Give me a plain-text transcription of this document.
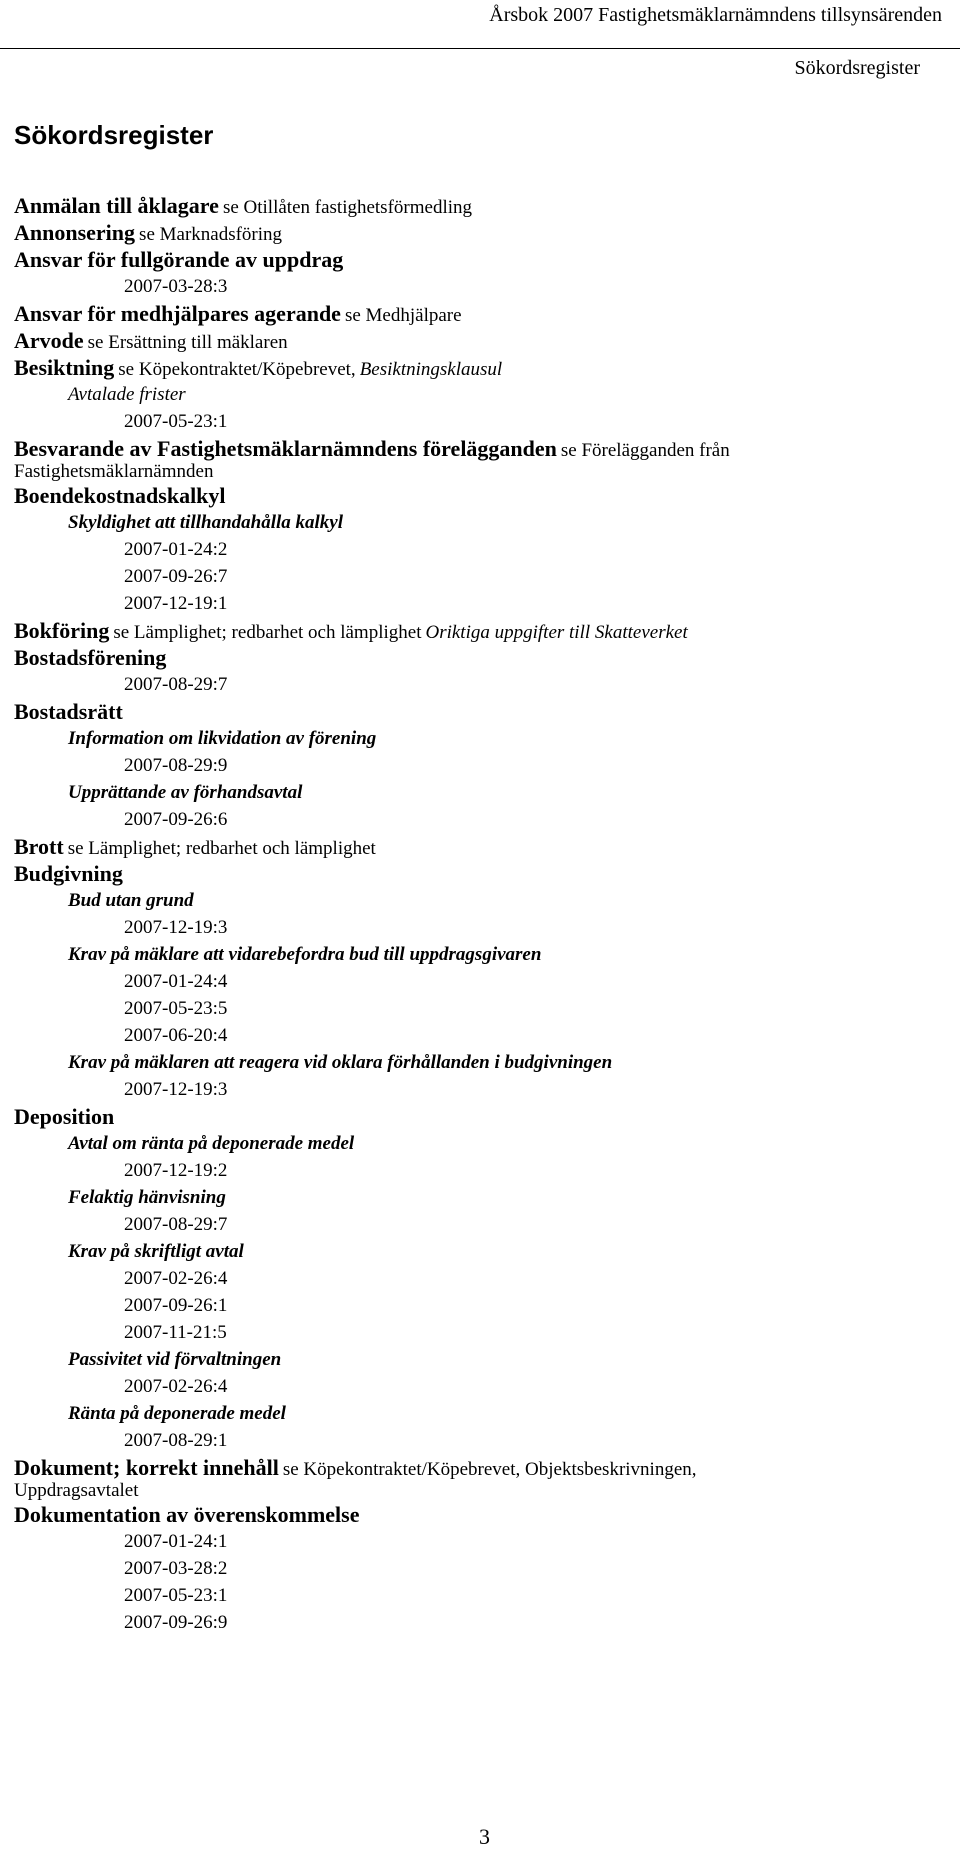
Årsbok 2007 Fastighetsmäklarnämndens tillsynsärenden
Sökordsregister
Sökordsregister
Anmälan till åklagare se Otillåten fastighetsförmedling
Annonsering se Marknadsföring
Ansvar för fullgörande av uppdrag
2007-03-28:3
Ansvar för medhjälpares agerande se Medhjälpare
Arvode se Ersättning till mäklaren
Besiktning se Köpekontraktet/Köpebrevet, Besiktningsklausul
Avtalade frister
2007-05-23:1
Besvarande av Fastighetsmäklarnämndens förelägganden se Förelägganden från
Fastighetsmäklarnämnden
Boendekostnadskalkyl
Skyldighet att tillhandahålla kalkyl
2007-01-24:2
2007-09-26:7
2007-12-19:1
Bokföring se Lämplighet; redbarhet och lämplighet Oriktiga uppgifter till Skatteverket
Bostadsförening
2007-08-29:7
Bostadsrätt
Information om likvidation av förening
2007-08-29:9
Upprättande av förhandsavtal
2007-09-26:6
Brott se Lämplighet; redbarhet och lämplighet
Budgivning
Bud utan grund
2007-12-19:3
Krav på mäklare att vidarebefordra bud till uppdragsgivaren
2007-01-24:4
2007-05-23:5
2007-06-20:4
Krav på mäklaren att reagera vid oklara förhållanden i budgivningen
2007-12-19:3
Deposition
Avtal om ränta på deponerade medel
2007-12-19:2
Felaktig hänvisning
2007-08-29:7
Krav på skriftligt avtal
2007-02-26:4
2007-09-26:1
2007-11-21:5
Passivitet vid förvaltningen
2007-02-26:4
Ränta på deponerade medel
2007-08-29:1
Dokument; korrekt innehåll se Köpekontraktet/Köpebrevet, Objektsbeskrivningen,
Uppdragsavtalet
Dokumentation av överenskommelse
2007-01-24:1
2007-03-28:2
2007-05-23:1
2007-09-26:9
3
